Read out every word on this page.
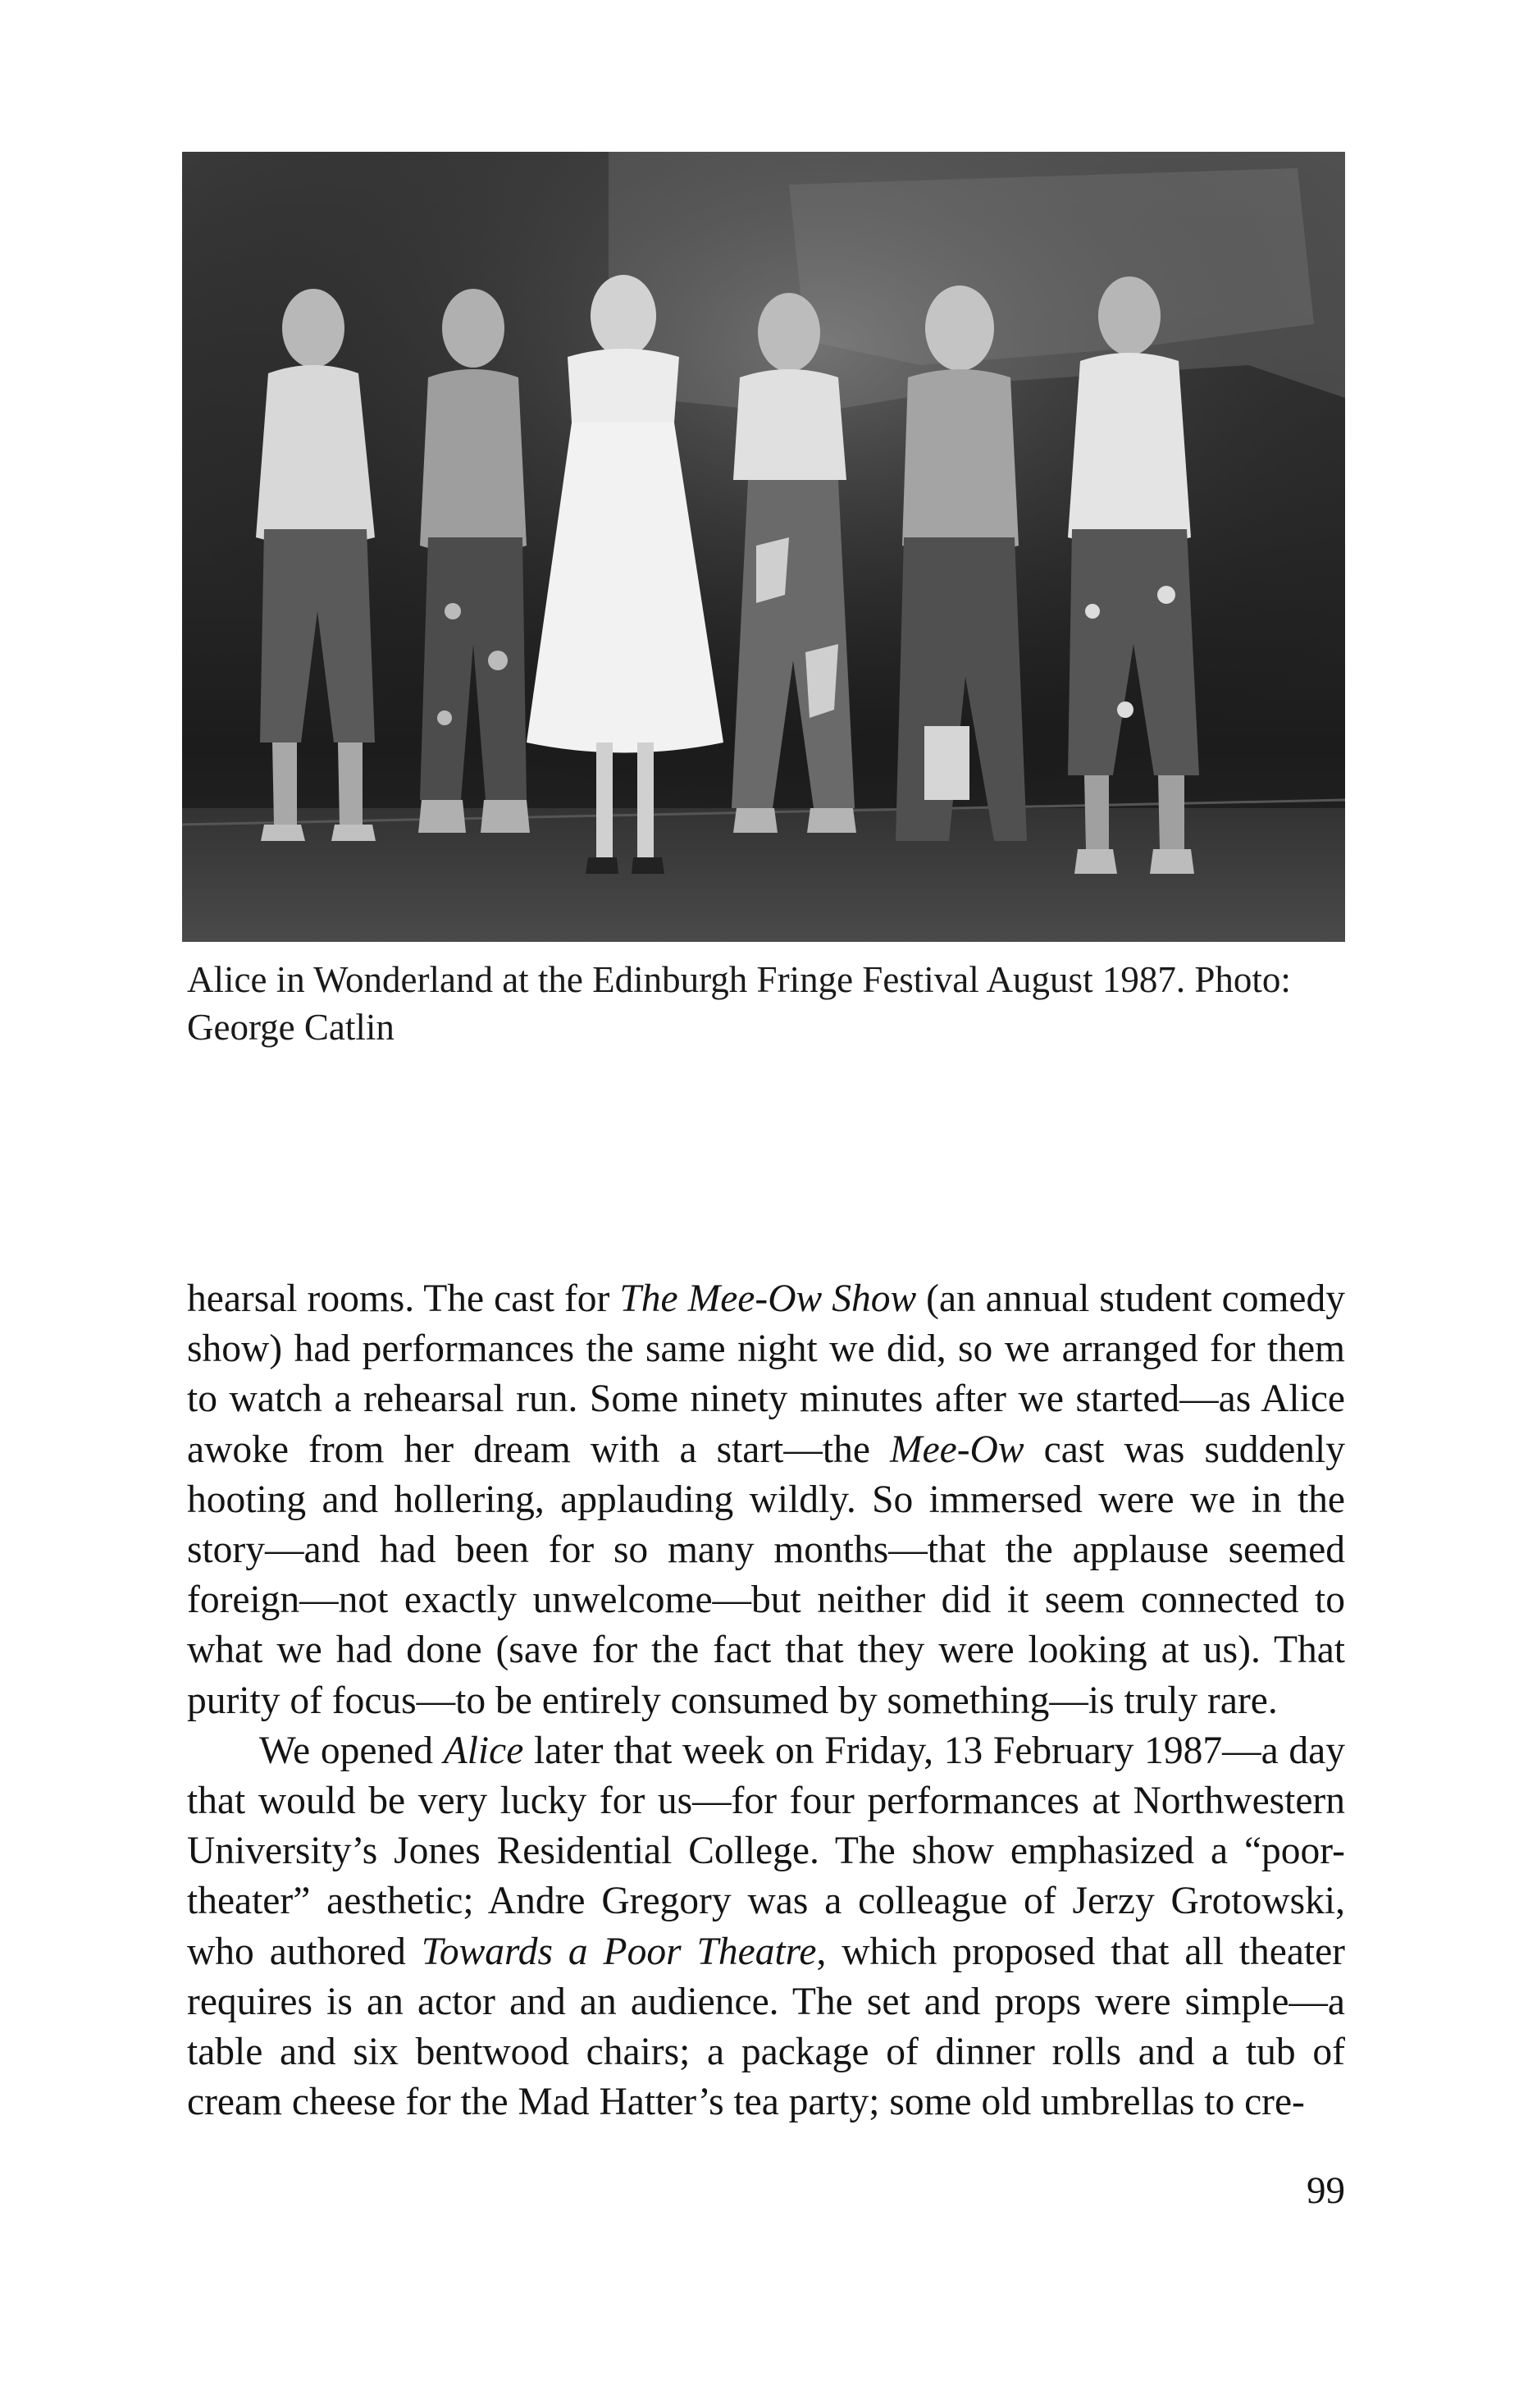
Alice in Wonderland at the Edinburgh Fringe Festival August 1987. Photo: George Catlin

hearsal rooms. The cast for The Mee-Ow Show (an annual student comedy show) had performances the same night we did, so we arranged for them to watch a rehearsal run. Some ninety minutes after we started—as Alice awoke from her dream with a start—the Mee-Ow cast was suddenly hooting and hollering, applauding wildly. So immersed were we in the story—and had been for so many months—that the applause seemed foreign—not exactly unwelcome—but neither did it seem connected to what we had done (save for the fact that they were looking at us). That purity of focus—to be entirely consumed by something—is truly rare.

We opened Alice later that week on Friday, 13 February 1987—a day that would be very lucky for us—for four performances at Northwestern University’s Jones Residential College. The show emphasized a “poor-theater” aesthetic; Andre Gregory was a colleague of Jerzy Grotowski, who authored Towards a Poor Theatre, which proposed that all theater requires is an actor and an audience. The set and props were simple—a table and six bentwood chairs; a package of dinner rolls and a tub of cream cheese for the Mad Hatter’s tea party; some old umbrellas to cre-

99
